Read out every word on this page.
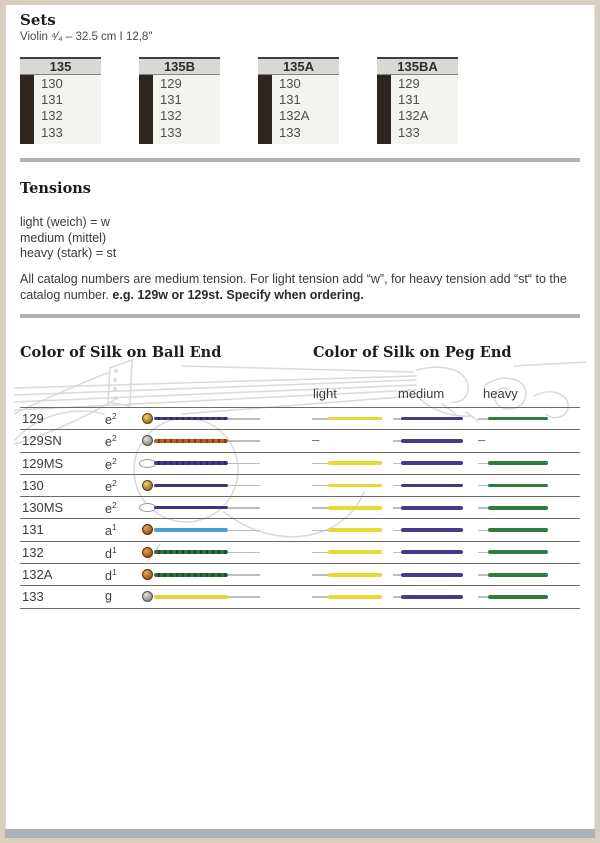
Sets
Violin ⁴⁄₄ – 32.5 cm I 12,8"
135
130
131
132
133
135B
129
131
132
133
135A
130
131
132A
133
135BA
129
131
132A
133
Tensions
light (weich) = w
medium (mittel)
heavy (stark) = st

All catalog numbers are medium tension. For light tension add “w”, for heavy tension add “st“ to the catalog number. e.g. 129w or 129st. Specify when ordering.

Color of Silk on Ball End	Color of Silk on Peg End
light	medium	heavy
129	$e^2$
129SN	$e^2$	–	–
129MS	$e^2$
130	$e^2$
130MS	$e^2$
131	$a^1$
132	$d^1$
132A	$d^1$
133	g
